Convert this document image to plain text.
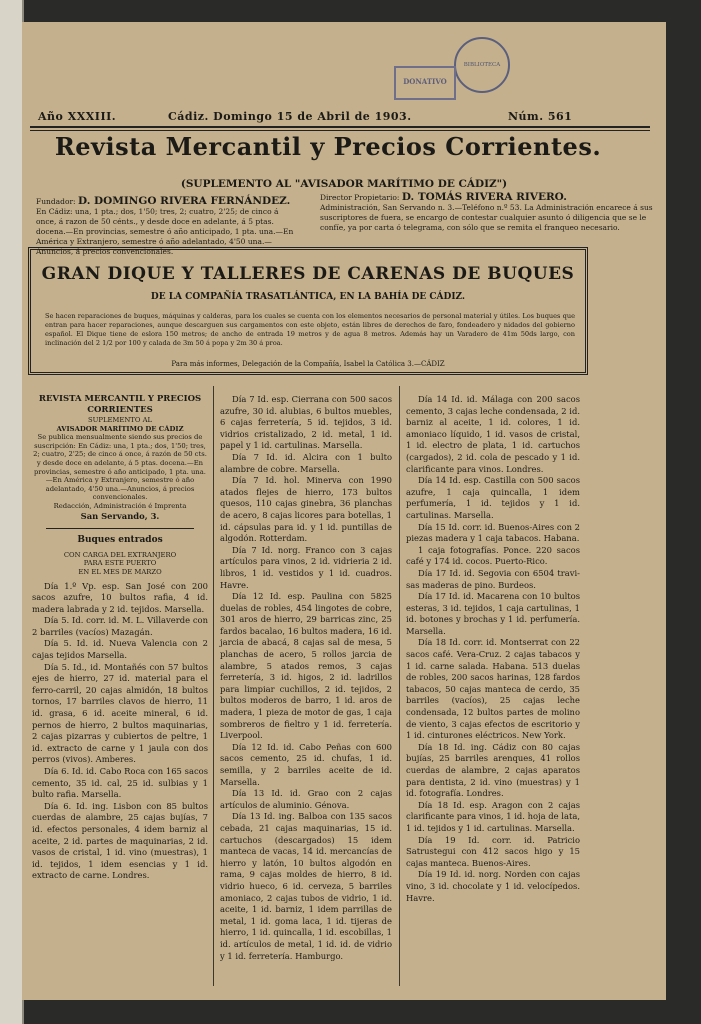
BIBLIOTECA
DONATIVO
Año XXXIII.	Cádiz. Domingo 15 de Abril de 1903.	Núm. 561
Revista Mercantil y Precios Corrientes.
(SUPLEMENTO AL "AVISADOR MARÍTIMO DE CÁDIZ")
Fundador: D. DOMINGO RIVERA FERNÁNDEZ.
En Cádiz: una, 1 pta.; dos, 1'50; tres, 2; cuatro, 2'25; de cinco á once, á razon de 50 cénts., y desde doce en adelante, á 5 ptas. docena.—En provincias, semestre ó año anticipado, 1 pta. una.—En América y Extranjero, semestre ó año adelantado, 4'50 una.—Anuncios, á precios convencionales.
Director Propietario: D. TOMÁS RIVERA RIVERO.
Administración, San Servando n. 3.—Teléfono n.º 53. La Administración encarece á sus suscriptores de fuera, se encargo de contestar cualquier asunto ó diligencia que se le confíe, ya por carta ó telegrama, con sólo que se remita el franqueo necesario.
GRAN DIQUE Y TALLERES DE CARENAS DE BUQUES
DE LA COMPAÑÍA TRASATLÁNTICA, EN LA BAHÍA DE CÁDIZ.
Se hacen reparaciones de buques, máquinas y calderas, para los cuales se cuenta con los elementos necesarios de personal material y útiles. Los buques que entran para hacer reparaciones, aunque descarguen sus cargamentos con este objeto, están libres de derechos de faro, fondeadero y nidados del gobierno español. El Dique tiene de eslora 150 metros; de ancho de entrada 19 metros y de agua 8 metros. Además hay un Varadero de 41m 50ds largo, con inclinación del 2 1/2 por 100 y calada de 3m 50 á popa y 2m 30 á proa.
Para más informes, Delegación de la Compañía, Isabel la Católica 3.—CÁDIZ
REVISTA MERCANTIL Y PRECIOS CORRIENTES
SUPLEMENTO AL
AVISADOR MARÍTIMO DE CÁDIZ
Se publica mensualmente siendo sus precios de suscripción: En Cádiz: una, 1 pta.; dos, 1'50; tres, 2; cuatro, 2'25; de cinco á once, á razón de 50 cts. y desde doce en adelante, á 5 ptas. docena.—En provincias, semestre ó año anticipado, 1 pta. una.—En América y Extranjero, semestre ó año adelantado, 4'50 una.—Anuncios, á precios convencionales.
Redacción, Administración é Imprenta
San Servando, 3.
Buques entrados
CON CARGA DEL EXTRANJERO
PARA ESTE PUERTO
EN EL MES DE MARZO

Día 1.º Vp. esp. San José con 200 sacos azufre, 10 bultos rafia, 4 id. madera labrada y 2 id. tejidos. Marsella.

Día 5. Id. corr. id. M. L. Villaverde con 2 barriles (vacíos) Mazagán.

Día 5. Id. id. Nueva Valencia con 2 cajas tejidos Marsella.

Día 5. Id., id. Montañés con 57 bultos ejes de hierro, 27 id. material para el ferro-carril, 20 cajas almidón, 18 bultos tornos, 17 barriles clavos de hierro, 11 id. grasa, 6 id. aceite mineral, 6 id. pernos de hierro, 2 bultos maquinarias, 2 cajas pizarras y cubiertos de peltre, 1 id. extracto de carne y 1 jaula con dos perros (vivos). Amberes.

Día 6. Id. id. Cabo Roca con 165 sacos cemento, 35 id. cal, 25 id. sulbias y 1 bulto rafia. Marsella.

Día 6. Id. ing. Lisbon con 85 bultos cuerdas de alambre, 25 cajas bujías, 7 id. efectos personales, 4 idem barniz al aceite, 2 id. partes de maquinarias, 2 id. vasos de cristal, 1 id. vino (muestras), 1 id. tejidos, 1 idem esencias y 1 id. extracto de carne. Londres.

Día 7 Id. esp. Cierrana con 500 sacos azufre, 30 id. alubias, 6 bultos muebles, 6 cajas ferretería, 5 id. tejidos, 3 id. vidrios cristalizado, 2 id. metal, 1 id. papel y 1 id. cartulinas. Marsella.

Día 7 Id. id. Alcira con 1 bulto alambre de cobre. Marsella.

Día 7 Id. hol. Minerva con 1990 atados flejes de hierro, 173 bultos quesos, 110 cajas ginebra, 36 planchas de acero, 8 cajas licores para botellas, 1 id. cápsulas para id. y 1 id. puntillas de algodón. Rotterdam.

Día 7 Id. norg. Franco con 3 cajas artículos para vinos, 2 id. vidrieria 2 id. libros, 1 id. vestidos y 1 id. cuadros. Havre.

Día 12 Id. esp. Paulina con 5825 duelas de robles, 454 lingotes de cobre, 301 aros de hierro, 29 barricas zinc, 25 fardos bacalao, 16 bultos madera, 16 id. jarcia de abacá, 8 cajas sal de mesa, 5 planchas de acero, 5 rollos jarcia de alambre, 5 atados remos, 3 cajas ferretería, 3 id. higos, 2 id. ladrillos para limpiar cuchillos, 2 id. tejidos, 2 bultos moderos de barro, 1 id. aros de madera, 1 pieza de motor de gas, 1 caja sombreros de fieltro y 1 id. ferretería. Liverpool.

Día 12 Id. id. Cabo Peñas con 600 sacos cemento, 25 id. chufas, 1 id. semilla, y 2 barriles aceite de id. Marsella.

Día 13 Id. id. Grao con 2 cajas artículos de aluminio. Génova.

Día 13 Id. ing. Balboa con 135 sacos cebada, 21 cajas maquinarias, 15 id. cartuchos (descargados) 15 idem manteca de vacas, 14 id. mercancías de hierro y latón, 10 bultos algodón en rama, 9 cajas moldes de hierro, 8 id. vidrio hueco, 6 id. cerveza, 5 barriles amoniaco, 2 cajas tubos de vidrio, 1 id. aceite, 1 id. barniz, 1 idem parrillas de metal, 1 id. goma laca, 1 id. tijeras de hierro, 1 id. quincalla, 1 id. escobillas, 1 id. artículos de metal, 1 id. id. de vidrio y 1 id. ferretería. Hamburgo.

Día 14 Id. id. Málaga con 200 sacos cemento, 3 cajas leche condensada, 2 id. barniz al aceite, 1 id. colores, 1 id. amoniaco líquido, 1 id. vasos de cristal, 1 id. electro de plata, 1 id. cartuchos (cargados), 2 id. cola de pescado y 1 id. clarificante para vinos. Londres.

Día 14 Id. esp. Castilla con 500 sacos azufre, 1 caja quincalla, 1 idem perfumería, 1 id. tejidos y 1 id. cartulinas. Marsella.

Día 15 Id. corr. id. Buenos-Aires con 2 piezas madera y 1 caja tabacos. Habana.

1 caja fotografías. Ponce. 220 sacos café y 174 id. cocos. Puerto-Rico.

Día 17 Id. id. Segovia con 6504 travi-sas maderas de pino. Burdeos.

Día 17 Id. id. Macarena con 10 bultos esteras, 3 id. tejidos, 1 caja cartulinas, 1 id. botones y brochas y 1 id. perfumería. Marsella.

Día 18 Id. corr. id. Montserrat con 22 sacos café. Vera-Cruz. 2 cajas tabacos y 1 id. carne salada. Habana. 513 duelas de robles, 200 sacos harinas, 128 fardos tabacos, 50 cajas manteca de cerdo, 35 barriles (vacíos), 25 cajas leche condensada, 12 bultos partes de molino de viento, 3 cajas efectos de escritorio y 1 id. cinturones eléctricos. New York.

Día 18 Id. ing. Cádiz con 80 cajas bujías, 25 barriles arenques, 41 rollos cuerdas de alambre, 2 cajas aparatos para dentista, 2 id. vino (muestras) y 1 id. fotografía. Londres.

Día 18 Id. esp. Aragon con 2 cajas clarificante para vinos, 1 id. hoja de lata, 1 id. tejidos y 1 id. cartulinas. Marsella.

Día 19 Id. corr. id. Patricio Satrustegui con 412 sacos higo y 15 cajas manteca. Buenos-Aires.

Día 19 Id. id. norg. Norden con cajas vino, 3 id. chocolate y 1 id. velocípedos. Havre.
